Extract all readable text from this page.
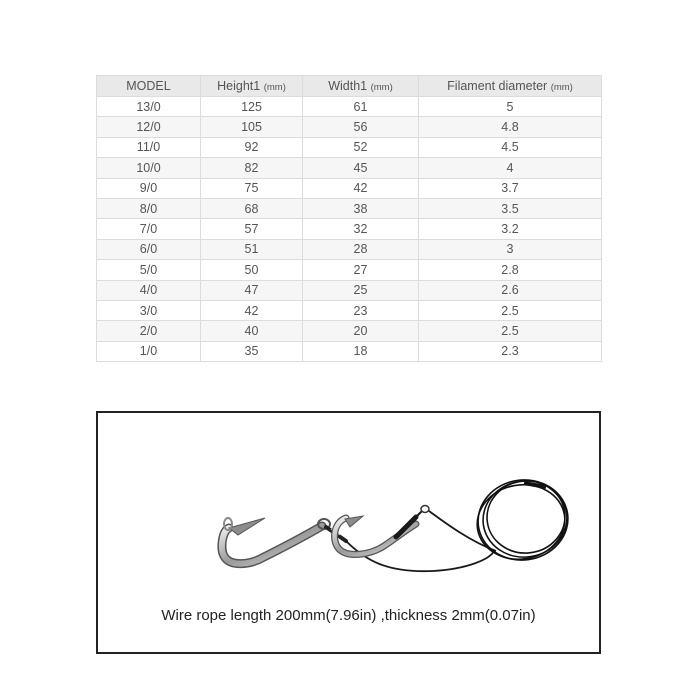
MODEL	Height1 (mm)	Width1 (mm)	Filament diameter (mm)
13/0	125	61	5
12/0	105	56	4.8
11/0	92	52	4.5
10/0	82	45	4
9/0	75	42	3.7
8/0	68	38	3.5
7/0	57	32	3.2
6/0	51	28	3
5/0	50	27	2.8
4/0	47	25	2.6
3/0	42	23	2.5
2/0	40	20	2.5
1/0	35	18	2.3
Wire rope length 200mm(7.96in) ,thickness 2mm(0.07in)
